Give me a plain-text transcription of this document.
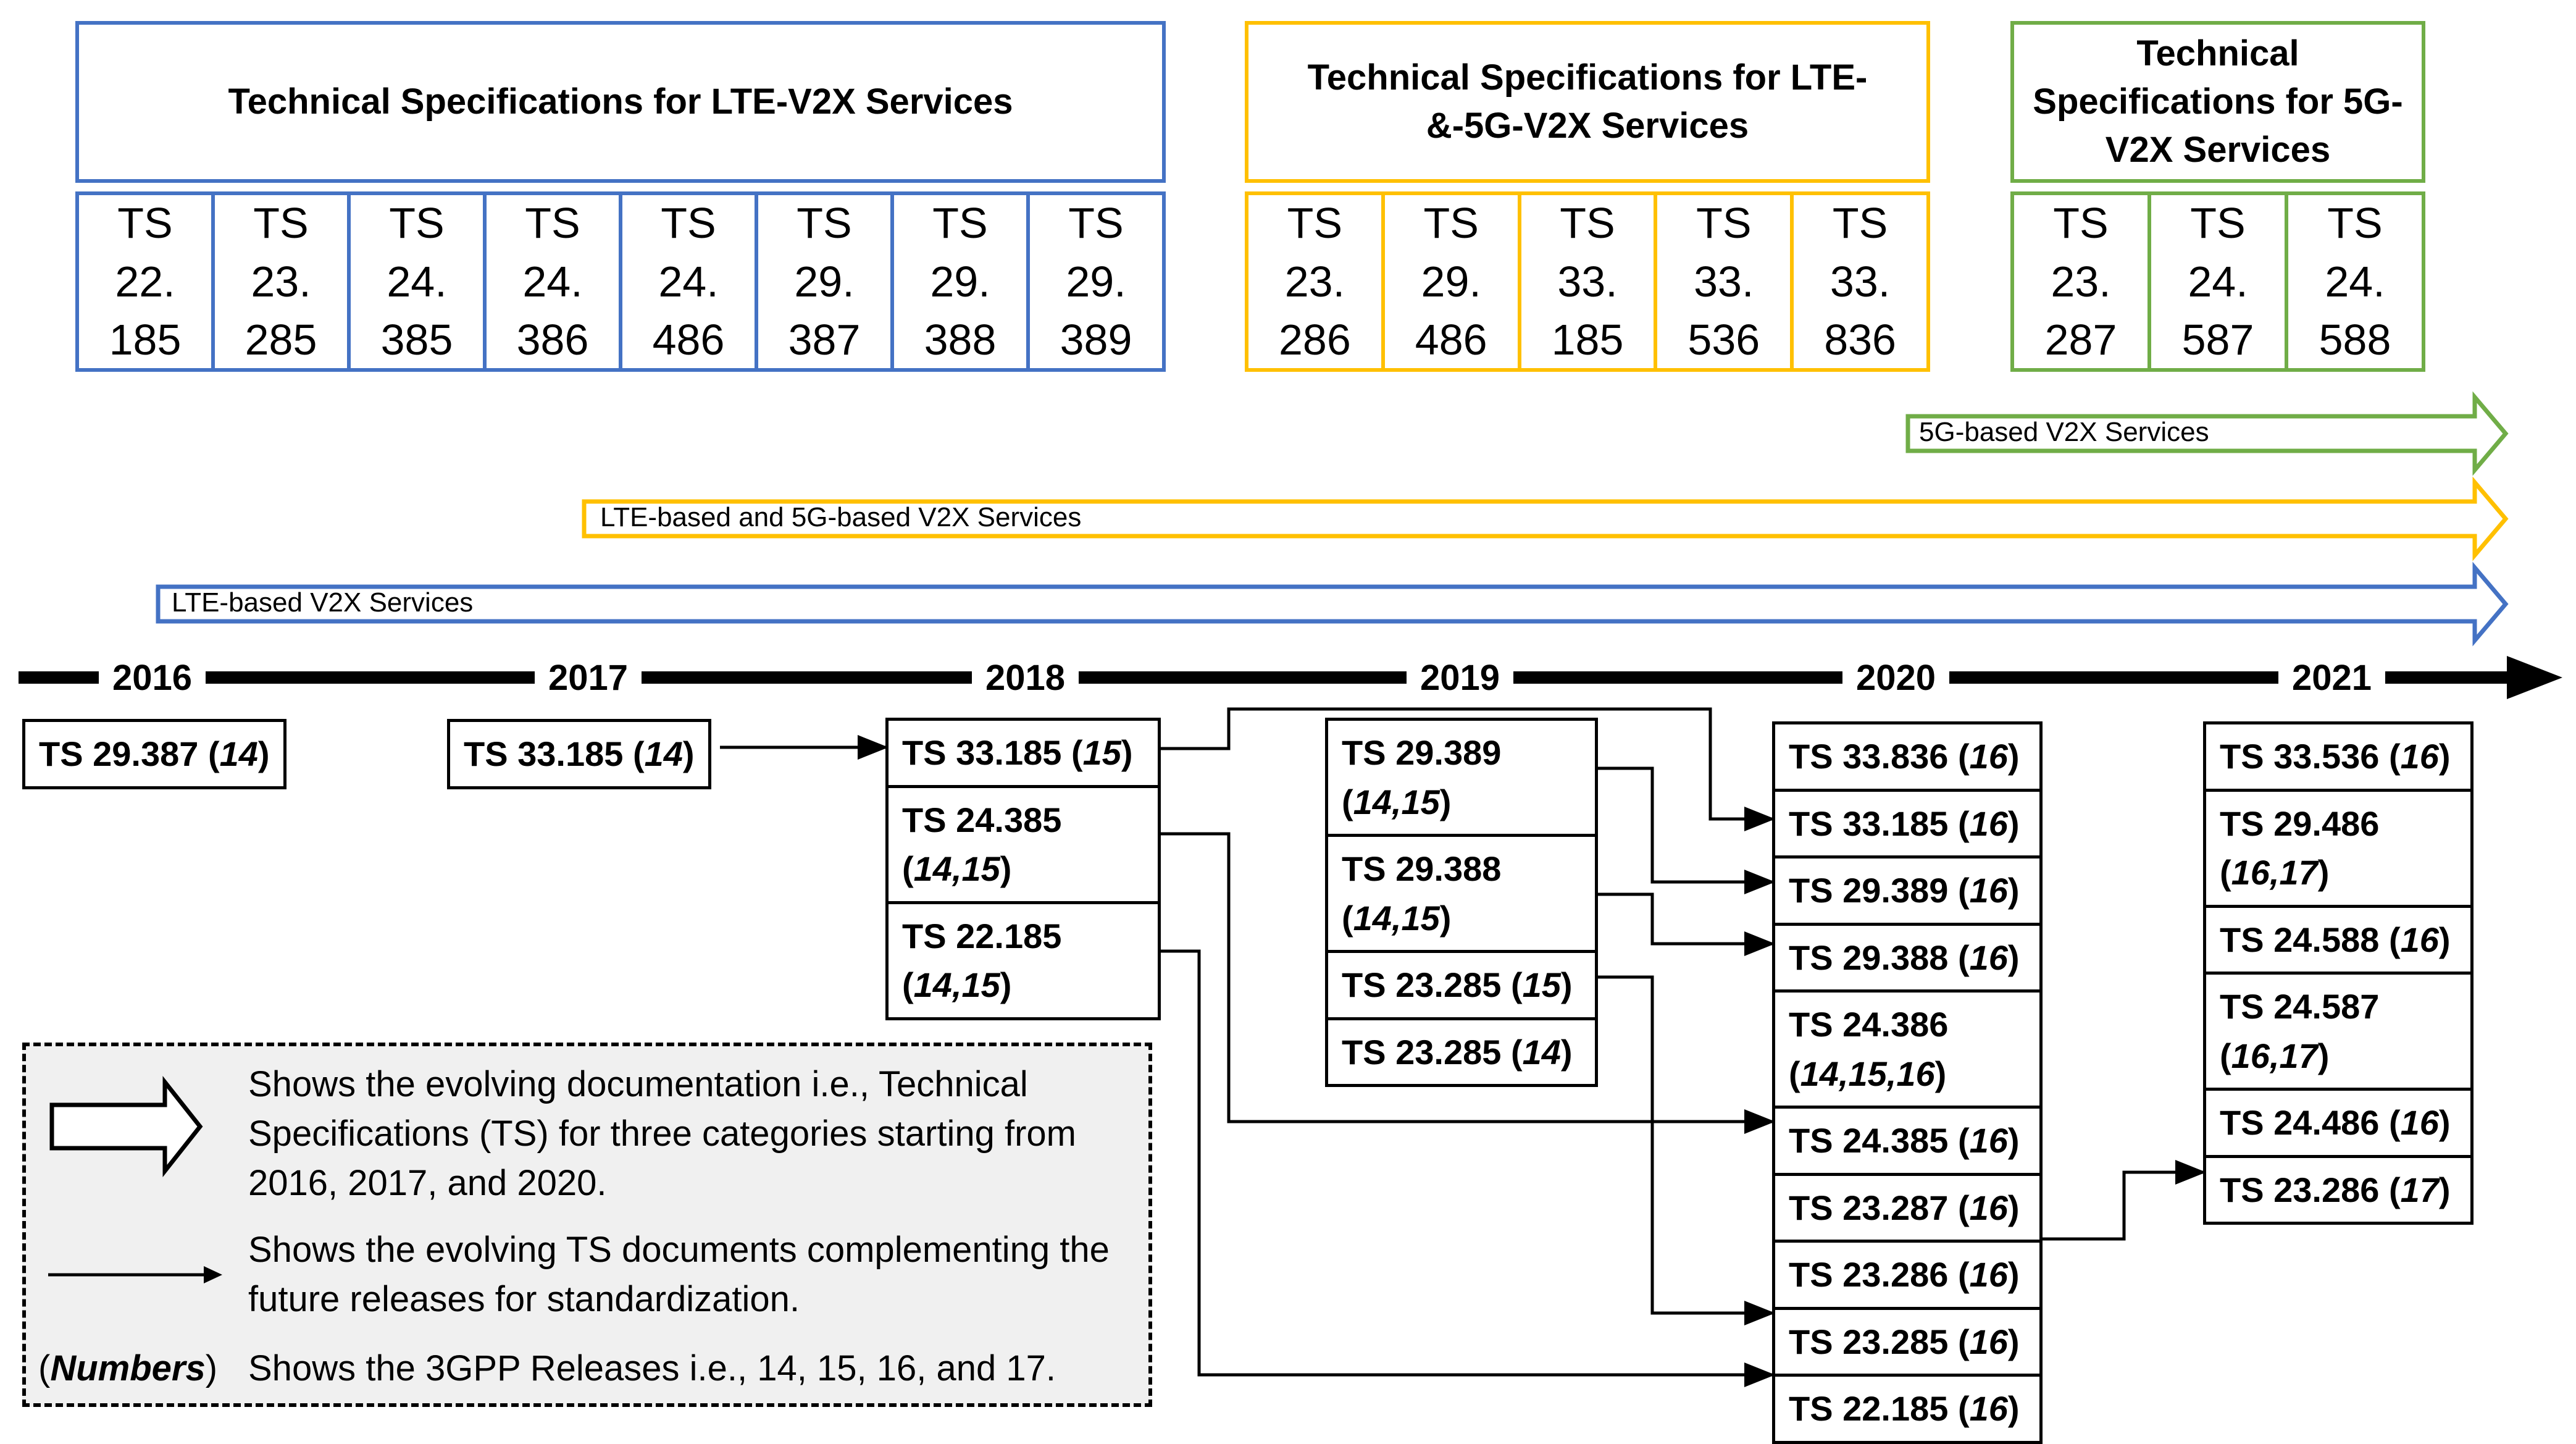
Technical Specifications for LTE-V2X Services
Technical Specifications for LTE-&-5G-V2X Services
Technical Specifications for 5G-V2X Services
TS
22.
185
TS
23.
285
TS
24.
385
TS
24.
386
TS
24.
486
TS
29.
387
TS
29.
388
TS
29.
389
TS
23.
286
TS
29.
486
TS
33.
185
TS
33.
536
TS
33.
836
TS
23.
287
TS
24.
587
TS
24.
588
5G-based V2X Services
LTE-based and 5G-based V2X Services
LTE-based V2X Services
2016	2017	2018	2019	2020	2021
TS 29.387 (14)	TS 33.185 (14)	TS 33.185 (15)
TS 24.385
(14,15)
TS 22.185
(14,15)
TS 29.389
(14,15)
TS 29.388
(14,15)
TS 23.285 (15)
TS 23.285 (14)
TS 33.836 (16)
TS 33.185 (16)
TS 29.389 (16)
TS 29.388 (16)
TS 24.386
(14,15,16)
TS 24.385 (16)
TS 23.287 (16)
TS 23.286 (16)
TS 23.285 (16)
TS 22.185 (16)
TS 33.536 (16)
TS 29.486
(16,17)
TS 24.588 (16)
TS 24.587
(16,17)
TS 24.486 (16)
TS 23.286 (17)
Shows the evolving documentation i.e., Technical Specifications (TS) for three categories starting from 2016, 2017, and 2020.
Shows the evolving TS documents complementing the future releases for standardization.
(Numbers) Shows the 3GPP Releases i.e., 14, 15, 16, and 17.
